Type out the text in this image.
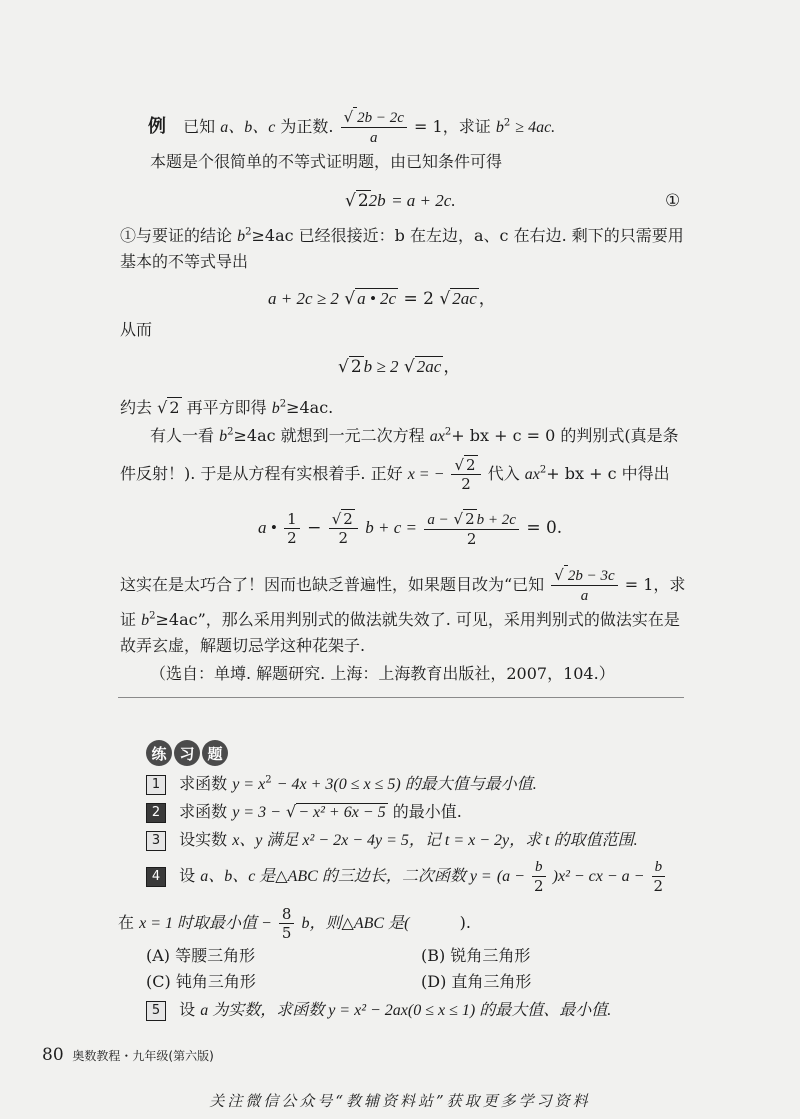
例 已知 a、b、c 为正数. $\frac{√ 2b - 2c}{a} = 1$，求证 $b^2 \ge 4ac$.
本题是个很简单的不等式证明题，由已知条件可得
√ 22b = a + 2c.	①
①与要证的结论 $b^2\ge 4ac$ 已经很接近：b 在左边，a、c 在右边. 剩下的只需要用
基本的不等式导出
a + 2c ≥ 2 √ a • 2c = 2 √ 2ac ，
从而
√ 2 b ≥ 2 √ 2ac ，
约去 √ 2 再平方即得 $b^2\ge 4ac$.
有人一看 $b^2\ge 4ac$ 就想到一元二次方程 $ax^2+$ bx + c = 0 的判别式(真是条
件反射！). 于是从方程有实根着手. 正好 x = − $\frac{√ 2}{2}$ 代入 $ax^2+$ bx + c 中得出
a • $\frac{1}{2} - \frac{√ 2}{2}$ $b + c = \frac{a - √ 2 b + 2c}{2} = 0$.
这实在是太巧合了！因而也缺乏普遍性，如果题目改为“已知 $\frac{√ 2b - 3c}{a} = 1$，求
证 $b^2\ge 4ac$”，那么采用判别式的做法就失效了. 可见，采用判别式的做法实在是
故弄玄虚，解题切忌学这种花架子.
（选自：单墫. 解题研究. 上海：上海教育出版社，2007，104.）
练 习 题
1 求函数 $y = x^2 - 4x + 3(0 \le x \le 5)$ 的最大值与最小值.
2 求函数 y = 3 − √ − x² + 6x − 5 的最小值.
3 设实数 x、y 满足 x² − 2x − 4y = 5，记 t = x − 2y，求 t 的取值范围.
4 设 a、b、c 是△ABC 的三边长，二次函数 $y = (a - \frac{b}{2} )x^2$ − cx − $a - \frac{b}{2}$
在 x = 1 时取最小值 − $\frac{8}{5}$ b，则△ABC 是(	).
(A) 等腰三角形	(B) 锐角三角形
(C) 钝角三角形	(D) 直角三角形
5 设 a 为实数，求函数 y = x² − 2ax(0 ≤ x ≤ 1) 的最大值、最小值.
80 奥数教程・九年级(第六版)
关注微信公众号“教辅资料站”获取更多学习资料
